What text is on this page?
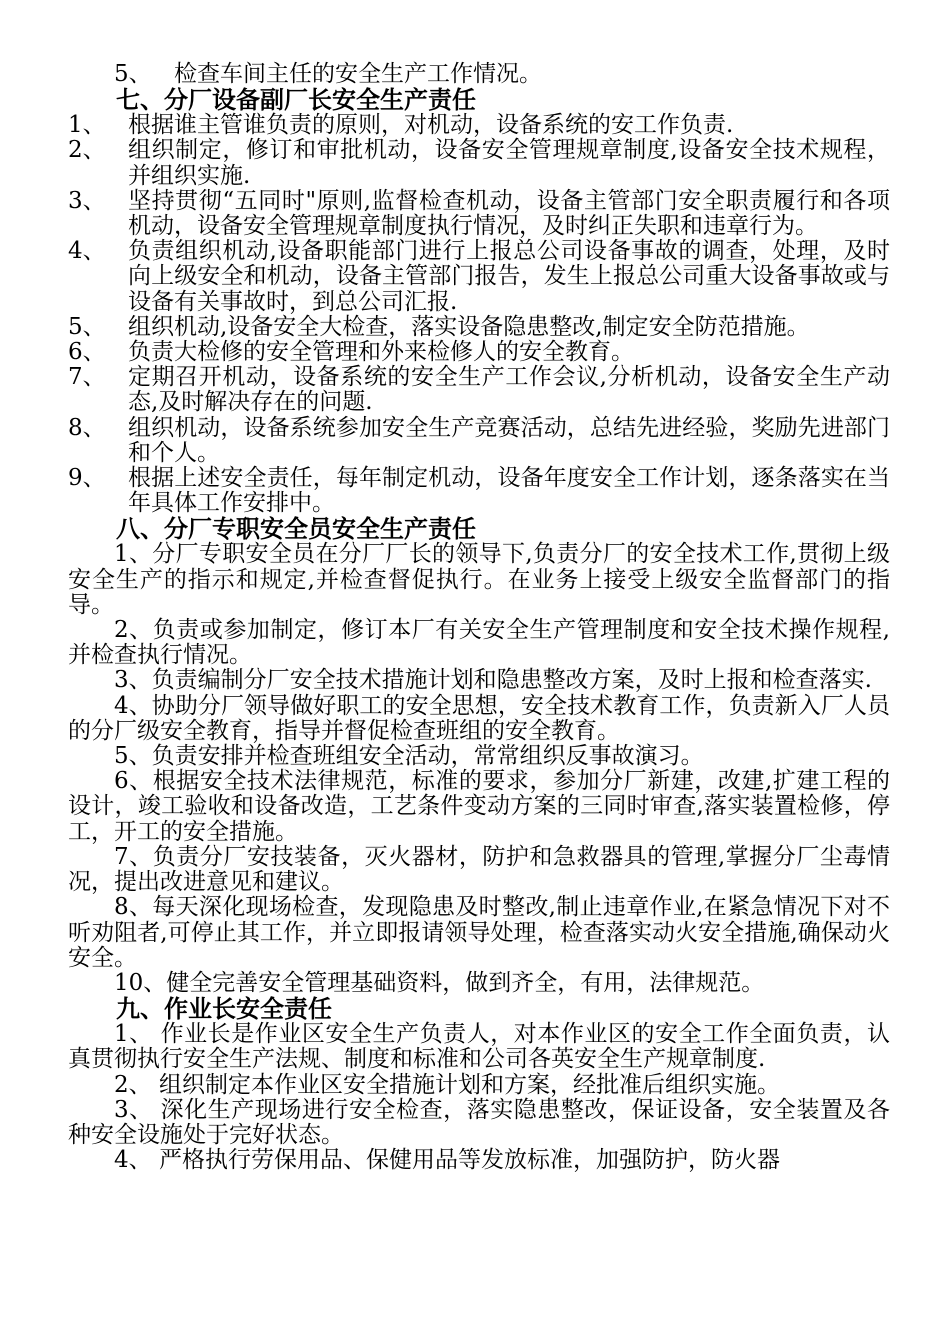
5、 检查车间主任的安全生产工作情况。
七、分厂设备副厂长安全生产责任
1、 根据谁主管谁负责的原则，对机动，设备系统的安工作负责.
2、 组织制定，修订和审批机动，设备安全管理规章制度,设备安全技术规程，并组织实施.
3、 坚持贯彻“五同时"原则,监督检查机动，设备主管部门安全职责履行和各项机动，设备安全管理规章制度执行情况，及时纠正失职和违章行为。
4、 负责组织机动,设备职能部门进行上报总公司设备事故的调查，处理，及时向上级安全和机动，设备主管部门报告，发生上报总公司重大设备事故或与设备有关事故时，到总公司汇报.
5、 组织机动,设备安全大检查，落实设备隐患整改,制定安全防范措施。
6、 负责大检修的安全管理和外来检修人的安全教育。
7、 定期召开机动，设备系统的安全生产工作会议,分析机动，设备安全生产动态,及时解决存在的问题.
8、 组织机动，设备系统参加安全生产竞赛活动，总结先进经验，奖励先进部门和个人。
9、 根据上述安全责任，每年制定机动，设备年度安全工作计划，逐条落实在当年具体工作安排中。
八、分厂专职安全员安全生产责任

1、分厂专职安全员在分厂厂长的领导下,负责分厂的安全技术工作,贯彻上级安全生产的指示和规定,并检查督促执行。在业务上接受上级安全监督部门的指导。

2、负责或参加制定，修订本厂有关安全生产管理制度和安全技术操作规程,并检查执行情况。

3、负责编制分厂安全技术措施计划和隐患整改方案，及时上报和检查落实.

4、协助分厂领导做好职工的安全思想，安全技术教育工作，负责新入厂人员的分厂级安全教育，指导并督促检查班组的安全教育。

5、负责安排并检查班组安全活动，常常组织反事故演习。

6、根据安全技术法律规范，标准的要求，参加分厂新建，改建,扩建工程的设计，竣工验收和设备改造，工艺条件变动方案的三同时审查,落实装置检修，停工，开工的安全措施。

7、负责分厂安技装备，灭火器材，防护和急救器具的管理,掌握分厂尘毒情况，提出改进意见和建议。

8、每天深化现场检查，发现隐患及时整改,制止违章作业,在紧急情况下对不听劝阻者,可停止其工作，并立即报请领导处理，检查落实动火安全措施,确保动火安全。

10、健全完善安全管理基础资料，做到齐全，有用，法律规范。

九、作业长安全责任

1、 作业长是作业区安全生产负责人，对本作业区的安全工作全面负责，认真贯彻执行安全生产法规、制度和标准和公司各英安全生产规章制度.

2、 组织制定本作业区安全措施计划和方案，经批准后组织实施。

3、 深化生产现场进行安全检查，落实隐患整改，保证设备，安全装置及各种安全设施处于完好状态。

4、 严格执行劳保用品、保健用品等发放标准，加强防护，防火器
